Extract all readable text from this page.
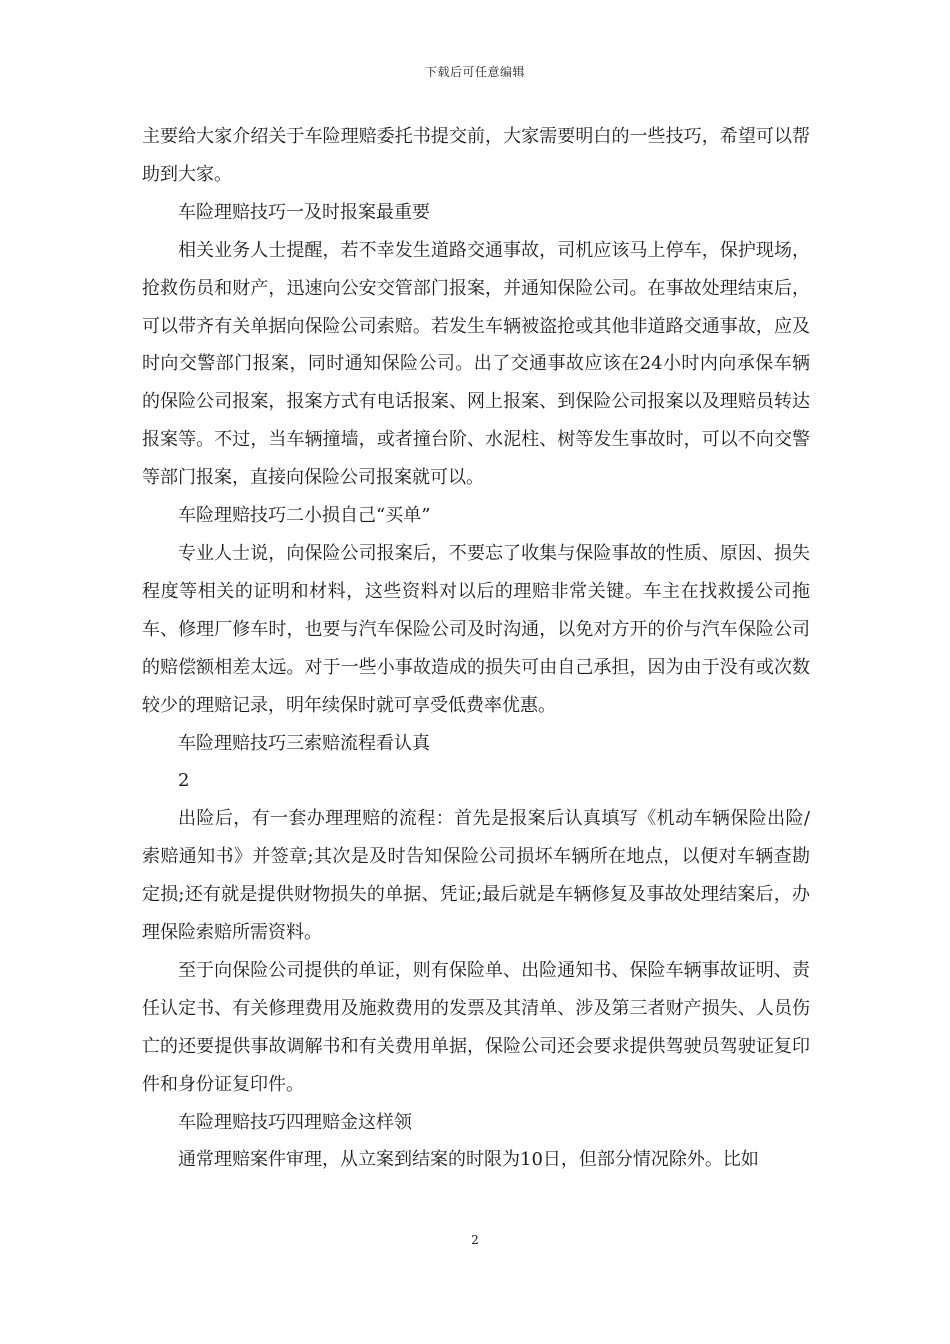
下载后可任意编辑

主要给大家介绍关于车险理赔委托书提交前，大家需要明白的一些技巧，希望可以帮助到大家。

车险理赔技巧一及时报案最重要

相关业务人士提醒，若不幸发生道路交通事故，司机应该马上停车，保护现场，抢救伤员和财产，迅速向公安交管部门报案，并通知保险公司。在事故处理结束后，可以带齐有关单据向保险公司索赔。若发生车辆被盗抢或其他非道路交通事故，应及时向交警部门报案，同时通知保险公司。出了交通事故应该在24小时内向承保车辆的保险公司报案，报案方式有电话报案、网上报案、到保险公司报案以及理赔员转达报案等。不过，当车辆撞墙，或者撞台阶、水泥柱、树等发生事故时，可以不向交警等部门报案，直接向保险公司报案就可以。

车险理赔技巧二小损自己“买单”

专业人士说，向保险公司报案后，不要忘了收集与保险事故的性质、原因、损失程度等相关的证明和材料，这些资料对以后的理赔非常关键。车主在找救援公司拖车、修理厂修车时，也要与汽车保险公司及时沟通，以免对方开的价与汽车保险公司的赔偿额相差太远。对于一些小事故造成的损失可由自己承担，因为由于没有或次数较少的理赔记录，明年续保时就可享受低费率优惠。

车险理赔技巧三索赔流程看认真

2

出险后，有一套办理理赔的流程：首先是报案后认真填写《机动车辆保险出险/索赔通知书》并签章;其次是及时告知保险公司损坏车辆所在地点，以便对车辆查勘定损;还有就是提供财物损失的单据、凭证;最后就是车辆修复及事故处理结案后，办理保险索赔所需资料。

至于向保险公司提供的单证，则有保险单、出险通知书、保险车辆事故证明、责任认定书、有关修理费用及施救费用的发票及其清单、涉及第三者财产损失、人员伤亡的还要提供事故调解书和有关费用单据，保险公司还会要求提供驾驶员驾驶证复印件和身份证复印件。

车险理赔技巧四理赔金这样领

通常理赔案件审理，从立案到结案的时限为10日，但部分情况除外。比如

2
